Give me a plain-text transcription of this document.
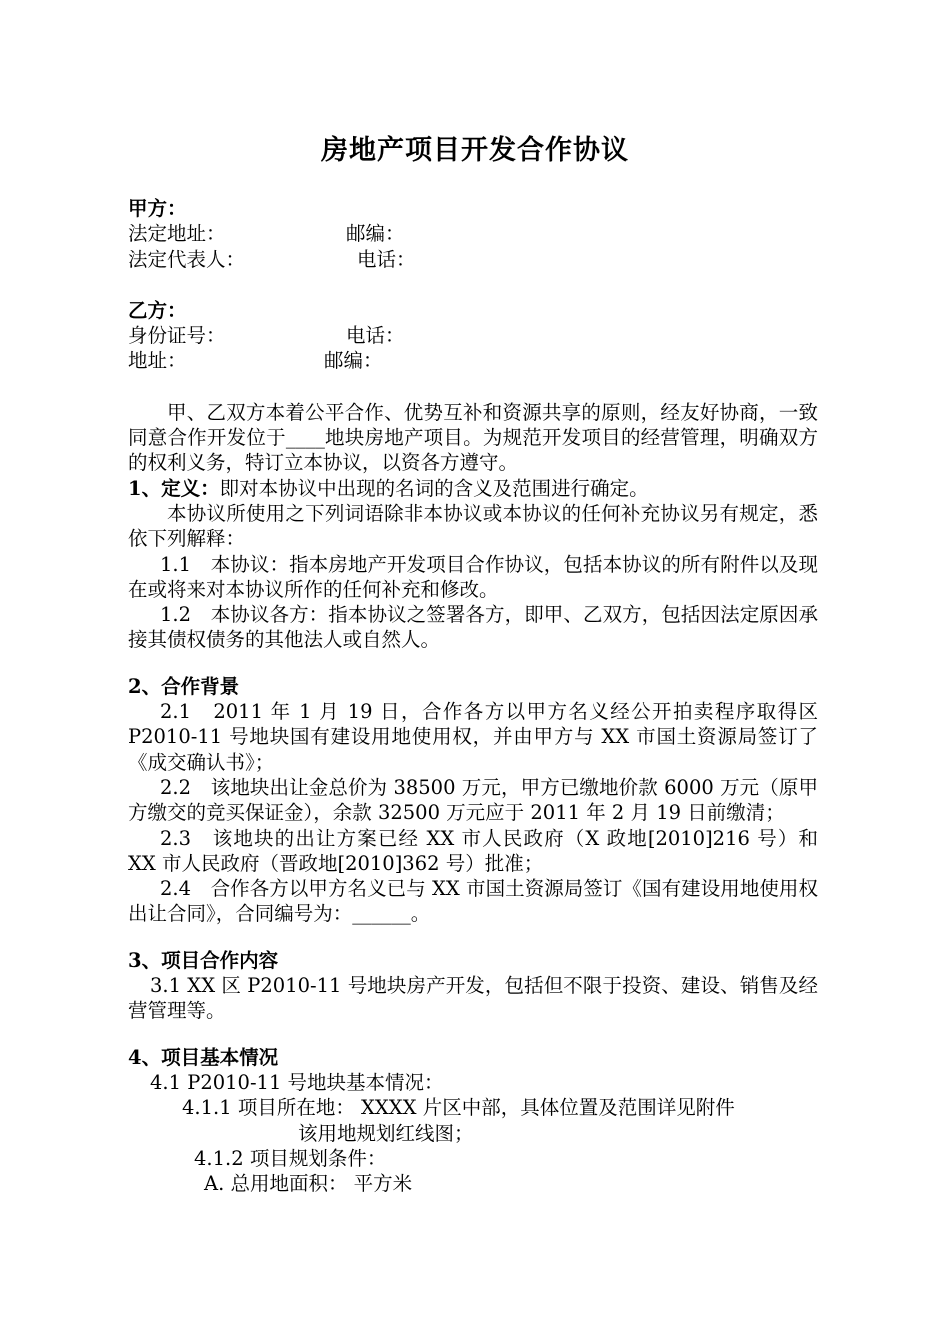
房地产项目开发合作协议
甲方：
法定地址：	邮编：
法定代表人：	电话：
乙方：
身份证号：	电话：
地址：	邮编：
甲、乙双方本着公平合作、优势互补和资源共享的原则，经友好协商，一致同意合作开发位于____地块房地产项目。为规范开发项目的经营管理，明确双方的权利义务，特订立本协议，以资各方遵守。
1、定义：即对本协议中出现的名词的含义及范围进行确定。
本协议所使用之下列词语除非本协议或本协议的任何补充协议另有规定，悉依下列解释：
1.1　本协议：指本房地产开发项目合作协议，包括本协议的所有附件以及现在或将来对本协议所作的任何补充和修改。
1.2　本协议各方：指本协议之签署各方，即甲、乙双方，包括因法定原因承接其债权债务的其他法人或自然人。
2、合作背景
2.1　2011 年 1 月 19 日，合作各方以甲方名义经公开拍卖程序取得区 P2010-11 号地块国有建设用地使用权，并由甲方与 XX 市国土资源局签订了《成交确认书》；
2.2　该地块出让金总价为 38500 万元，甲方已缴地价款 6000 万元（原甲方缴交的竞买保证金），余款 32500 万元应于 2011 年 2 月 19 日前缴清；
2.3　该地块的出让方案已经 XX 市人民政府（X 政地[2010]216 号）和 XX 市人民政府（晋政地[2010]362 号）批准；
2.4　合作各方以甲方名义已与 XX 市国土资源局签订《国有建设用地使用权出让合同》，合同编号为：______。
3、项目合作内容
3.1 XX 区 P2010-11 号地块房产开发，包括但不限于投资、建设、销售及经营管理等。
4、项目基本情况
4.1 P2010-11 号地块基本情况：
4.1.1 项目所在地： XXXX 片区中部，具体位置及范围详见附件
该用地规划红线图；
4.1.2 项目规划条件：
A. 总用地面积： 平方米
